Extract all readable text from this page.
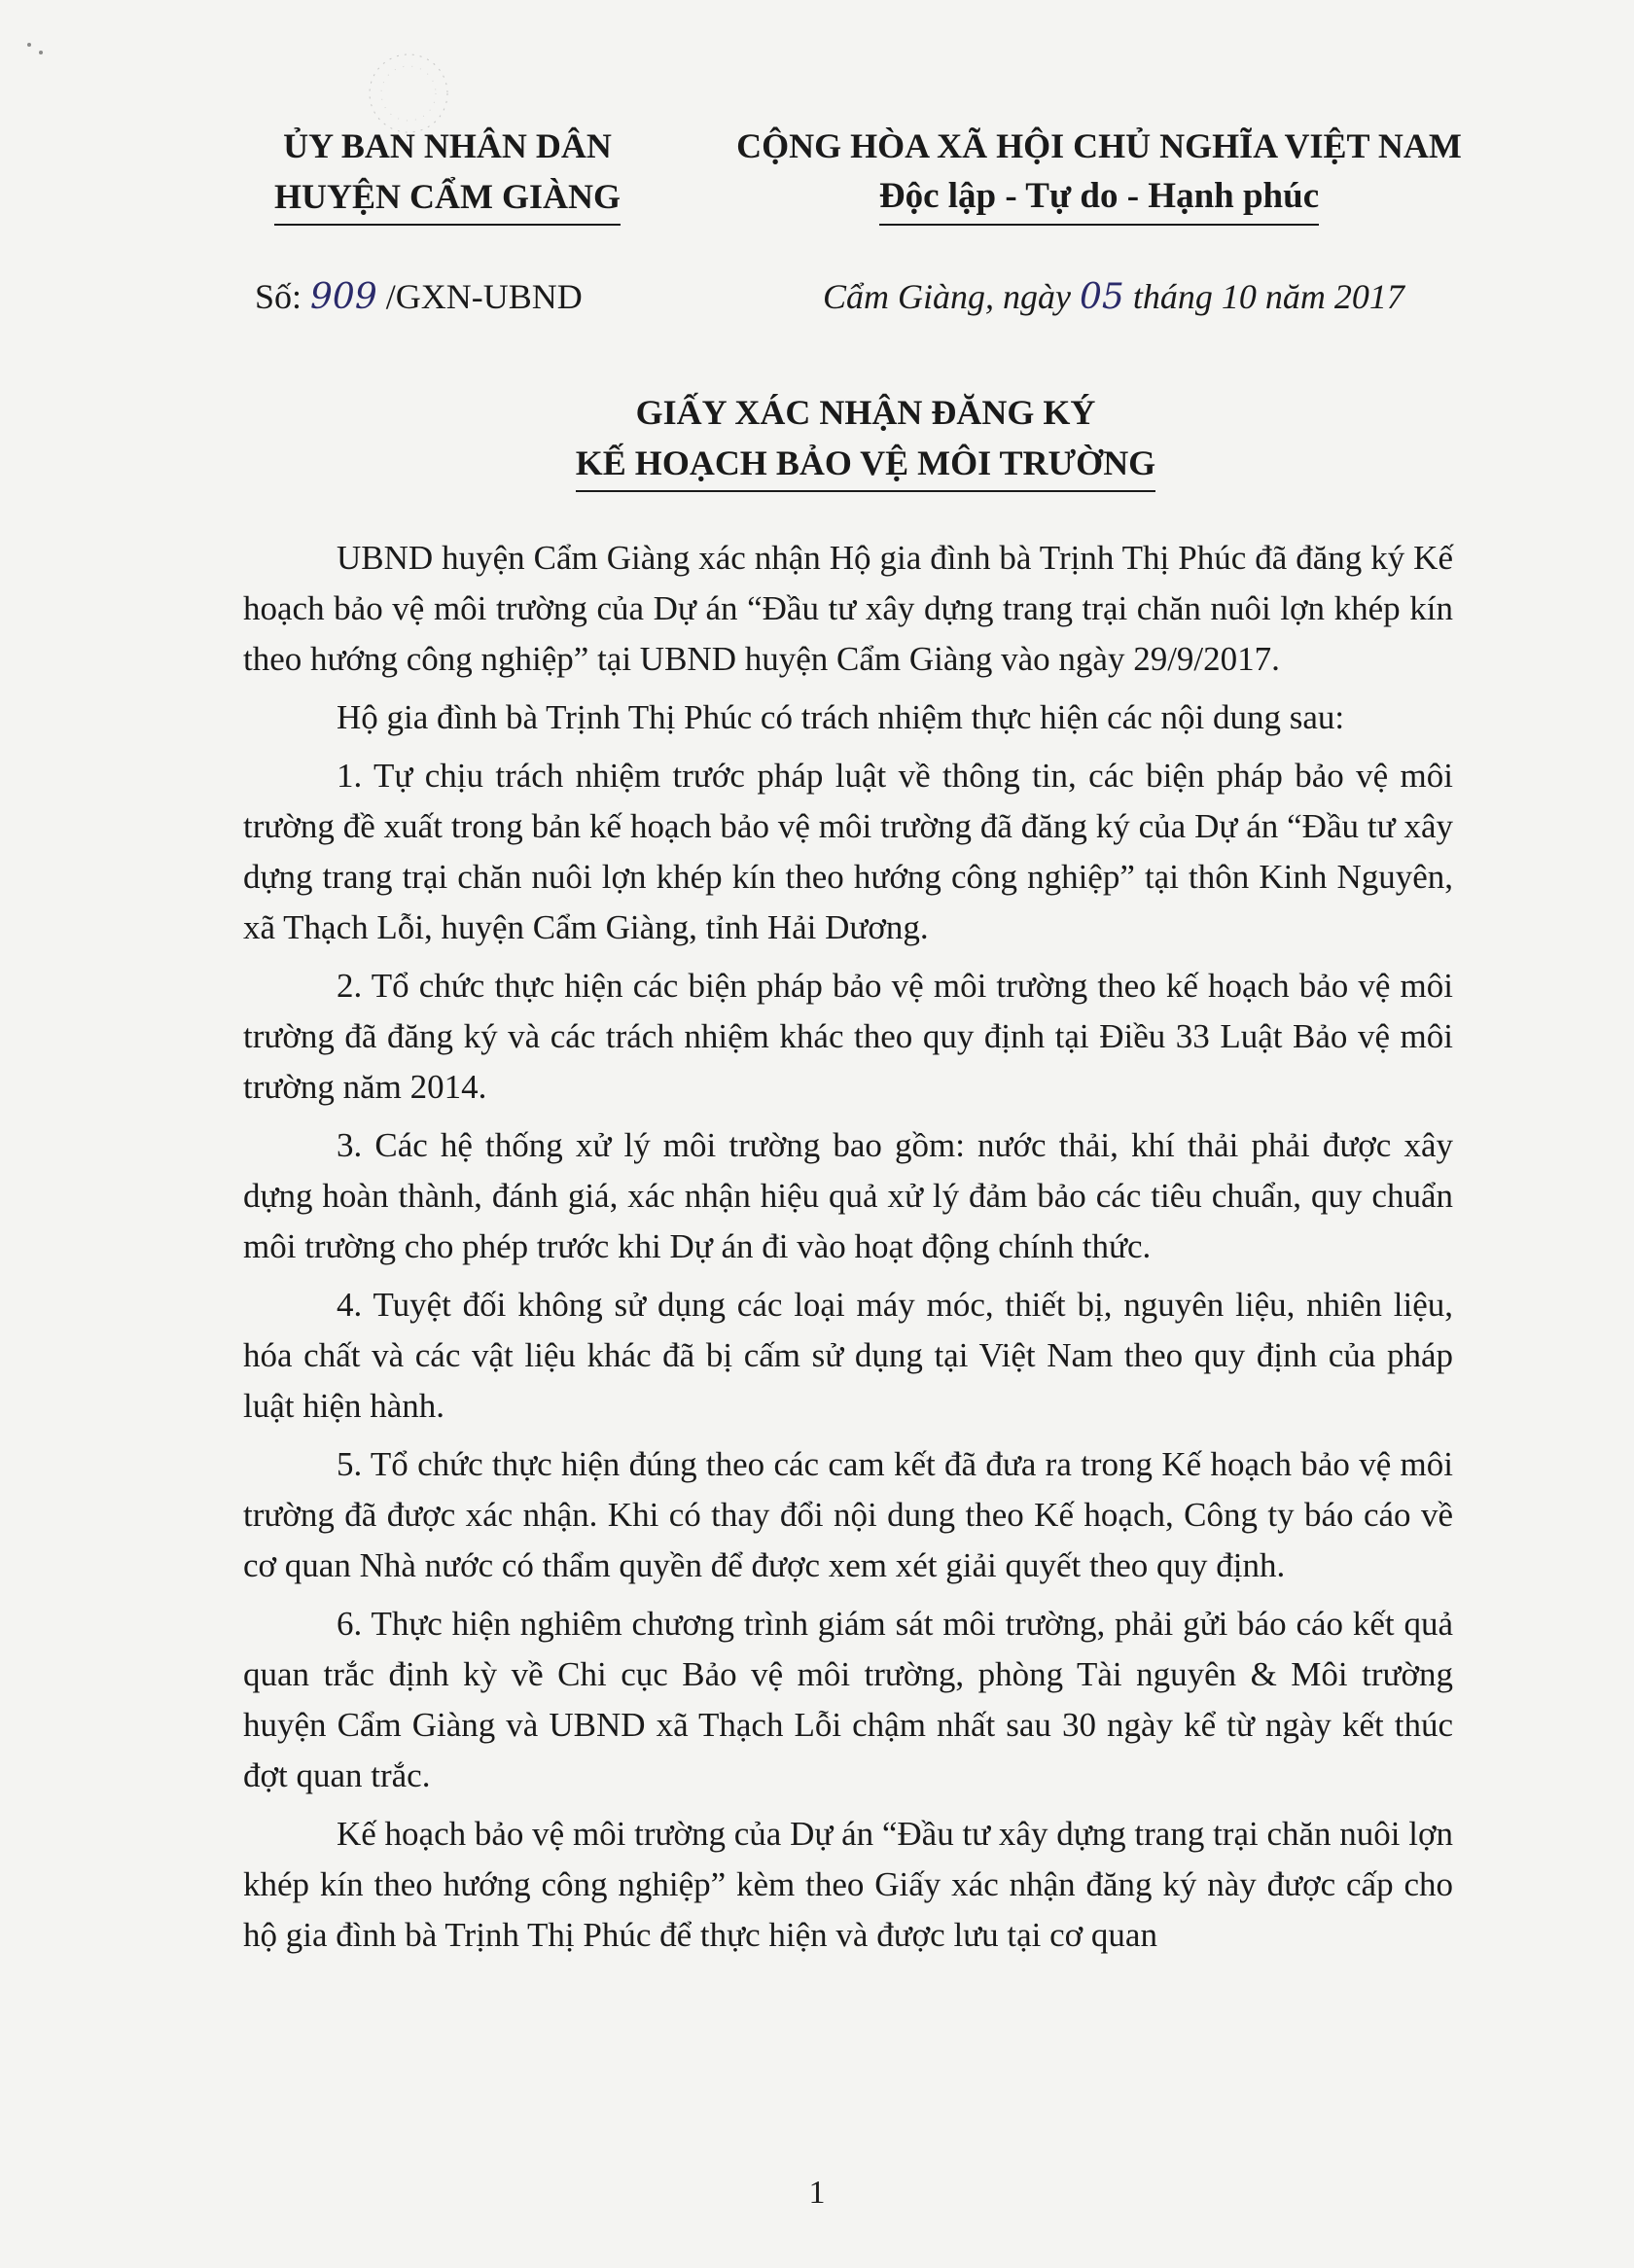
ỦY BAN NHÂN DÂN
HUYỆN CẨM GIÀNG
CỘNG HÒA XÃ HỘI CHỦ NGHĨA VIỆT NAM
Độc lập - Tự do - Hạnh phúc
Số: 909 /GXN-UBND	Cẩm Giàng, ngày 05 tháng 10 năm 2017
GIẤY XÁC NHẬN ĐĂNG KÝ
KẾ HOẠCH BẢO VỆ MÔI TRƯỜNG

UBND huyện Cẩm Giàng xác nhận Hộ gia đình bà Trịnh Thị Phúc đã đăng ký Kế hoạch bảo vệ môi trường của Dự án “Đầu tư xây dựng trang trại chăn nuôi lợn khép kín theo hướng công nghiệp” tại UBND huyện Cẩm Giàng vào ngày 29/9/2017.

Hộ gia đình bà Trịnh Thị Phúc có trách nhiệm thực hiện các nội dung sau:

1. Tự chịu trách nhiệm trước pháp luật về thông tin, các biện pháp bảo vệ môi trường đề xuất trong bản kế hoạch bảo vệ môi trường đã đăng ký của Dự án “Đầu tư xây dựng trang trại chăn nuôi lợn khép kín theo hướng công nghiệp” tại thôn Kinh Nguyên, xã Thạch Lỗi, huyện Cẩm Giàng, tỉnh Hải Dương.

2. Tổ chức thực hiện các biện pháp bảo vệ môi trường theo kế hoạch bảo vệ môi trường đã đăng ký và các trách nhiệm khác theo quy định tại Điều 33 Luật Bảo vệ môi trường năm 2014.

3. Các hệ thống xử lý môi trường bao gồm: nước thải, khí thải phải được xây dựng hoàn thành, đánh giá, xác nhận hiệu quả xử lý đảm bảo các tiêu chuẩn, quy chuẩn môi trường cho phép trước khi Dự án đi vào hoạt động chính thức.

4. Tuyệt đối không sử dụng các loại máy móc, thiết bị, nguyên liệu, nhiên liệu, hóa chất và các vật liệu khác đã bị cấm sử dụng tại Việt Nam theo quy định của pháp luật hiện hành.

5. Tổ chức thực hiện đúng theo các cam kết đã đưa ra trong Kế hoạch bảo vệ môi trường đã được xác nhận. Khi có thay đổi nội dung theo Kế hoạch, Công ty báo cáo về cơ quan Nhà nước có thẩm quyền để được xem xét giải quyết theo quy định.

6. Thực hiện nghiêm chương trình giám sát môi trường, phải gửi báo cáo kết quả quan trắc định kỳ về Chi cục Bảo vệ môi trường, phòng Tài nguyên & Môi trường huyện Cẩm Giàng và UBND xã Thạch Lỗi chậm nhất sau 30 ngày kể từ ngày kết thúc đợt quan trắc.

Kế hoạch bảo vệ môi trường của Dự án “Đầu tư xây dựng trang trại chăn nuôi lợn khép kín theo hướng công nghiệp” kèm theo Giấy xác nhận đăng ký này được cấp cho hộ gia đình bà Trịnh Thị Phúc để thực hiện và được lưu tại cơ quan

1
